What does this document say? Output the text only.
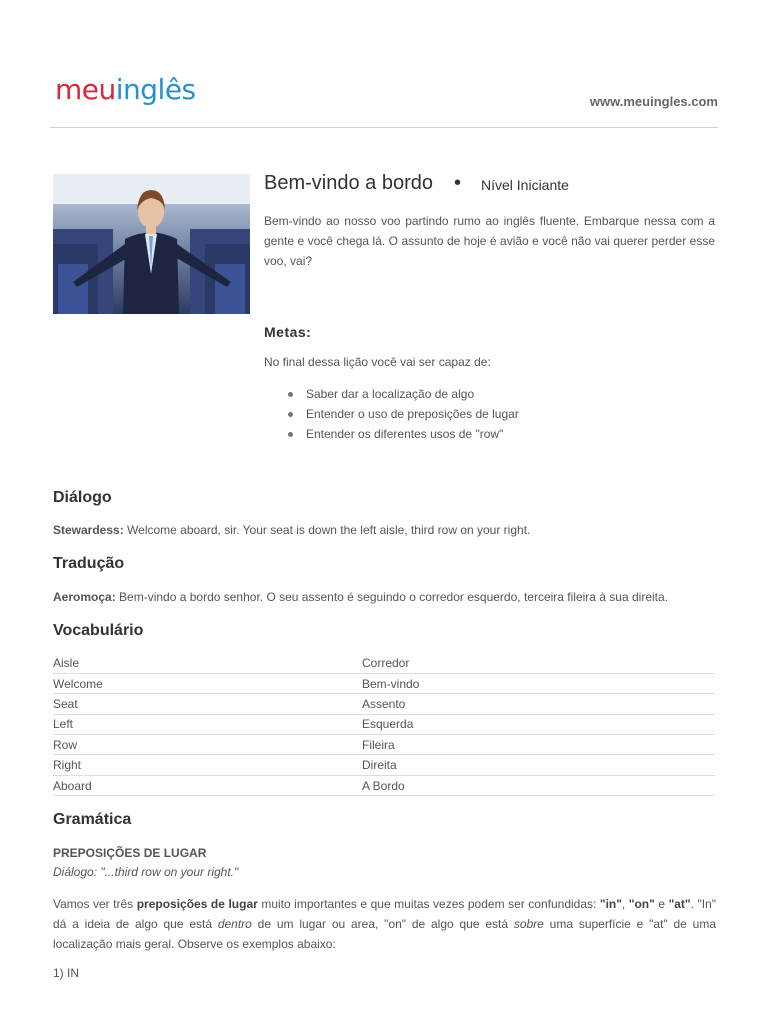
meuinglês	www.meuingles.com
Bem-vindo a bordo • Nível Iniciante

Bem-vindo ao nosso voo partindo rumo ao inglês fluente. Embarque nessa com a gente e você chega lá. O assunto de hoje é avião e você não vai querer perder esse voo, vai?

Metas:
No final dessa lição você vai ser capaz de:
Saber dar a localização de algo
Entender o uso de preposições de lugar
Entender os diferentes usos de "row"
Diálogo

Stewardess: Welcome aboard, sir. Your seat is down the left aisle, third row on your right.

Tradução

Aeromoça: Bem-vindo a bordo senhor. O seu assento é seguindo o corredor esquerdo, terceira fileira à sua direita.

Vocabulário
Aisle	Corredor
Welcome	Bem-vindo
Seat	Assento
Left	Esquerda
Row	Fileira
Right	Direita
Aboard	A Bordo
Gramática
PREPOSIÇÕES DE LUGAR
Diálogo: "...third row on your right."

Vamos ver três preposições de lugar muito importantes e que muitas vezes podem ser confundidas: "in", "on" e "at". "In" dá a ideia de algo que está dentro de um lugar ou area, "on" de algo que está sobre uma superfície e "at" de uma localização mais geral. Observe os exemplos abaixo:

1) IN
